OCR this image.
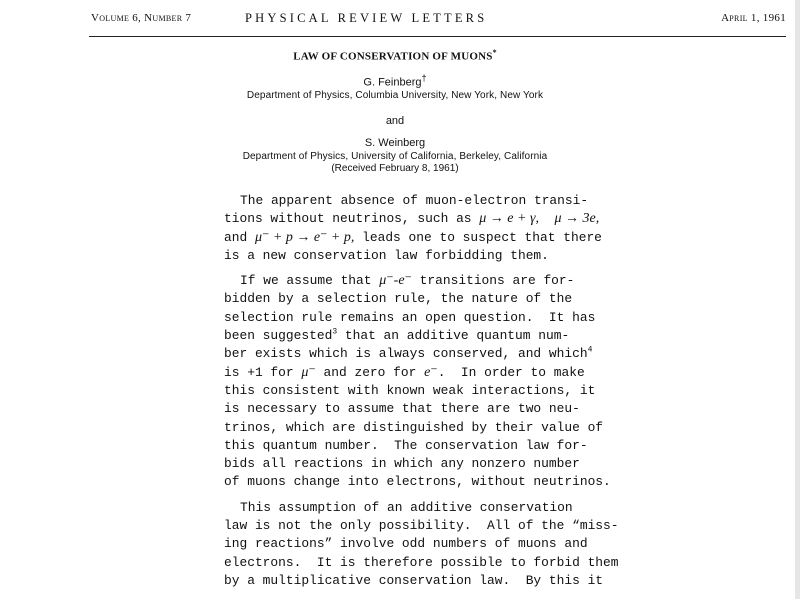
Volume 6, Number 7	PHYSICAL REVIEW LETTERS	April 1, 1961
LAW OF CONSERVATION OF MUONS*
G. Feinberg†
Department of Physics, Columbia University, New York, New York
and
S. Weinberg
Department of Physics, University of California, Berkeley, California
(Received February 8, 1961)
The apparent absence of muon-electron transi-
tions without neutrinos, such as μ → e + γ, μ → 3e,
and μ⁻ + p → e⁻ + p, leads one to suspect that there
is a new conservation law forbidding them.
If we assume that μ⁻-e⁻ transitions are for-
bidden by a selection rule, the nature of the
selection rule remains an open question.  It has
been suggested$^3$ that an additive quantum num-
ber exists which is always conserved, and which$^4$
is +1 for μ⁻ and zero for e⁻.  In order to make
this consistent with known weak interactions, it
is necessary to assume that there are two neu-
trinos, which are distinguished by their value of
this quantum number.  The conservation law for-
bids all reactions in which any nonzero number
of muons change into electrons, without neutrinos.
This assumption of an additive conservation
law is not the only possibility.  All of the “miss-
ing reactions” involve odd numbers of muons and
electrons.  It is therefore possible to forbid them
by a multiplicative conservation law.  By this it
